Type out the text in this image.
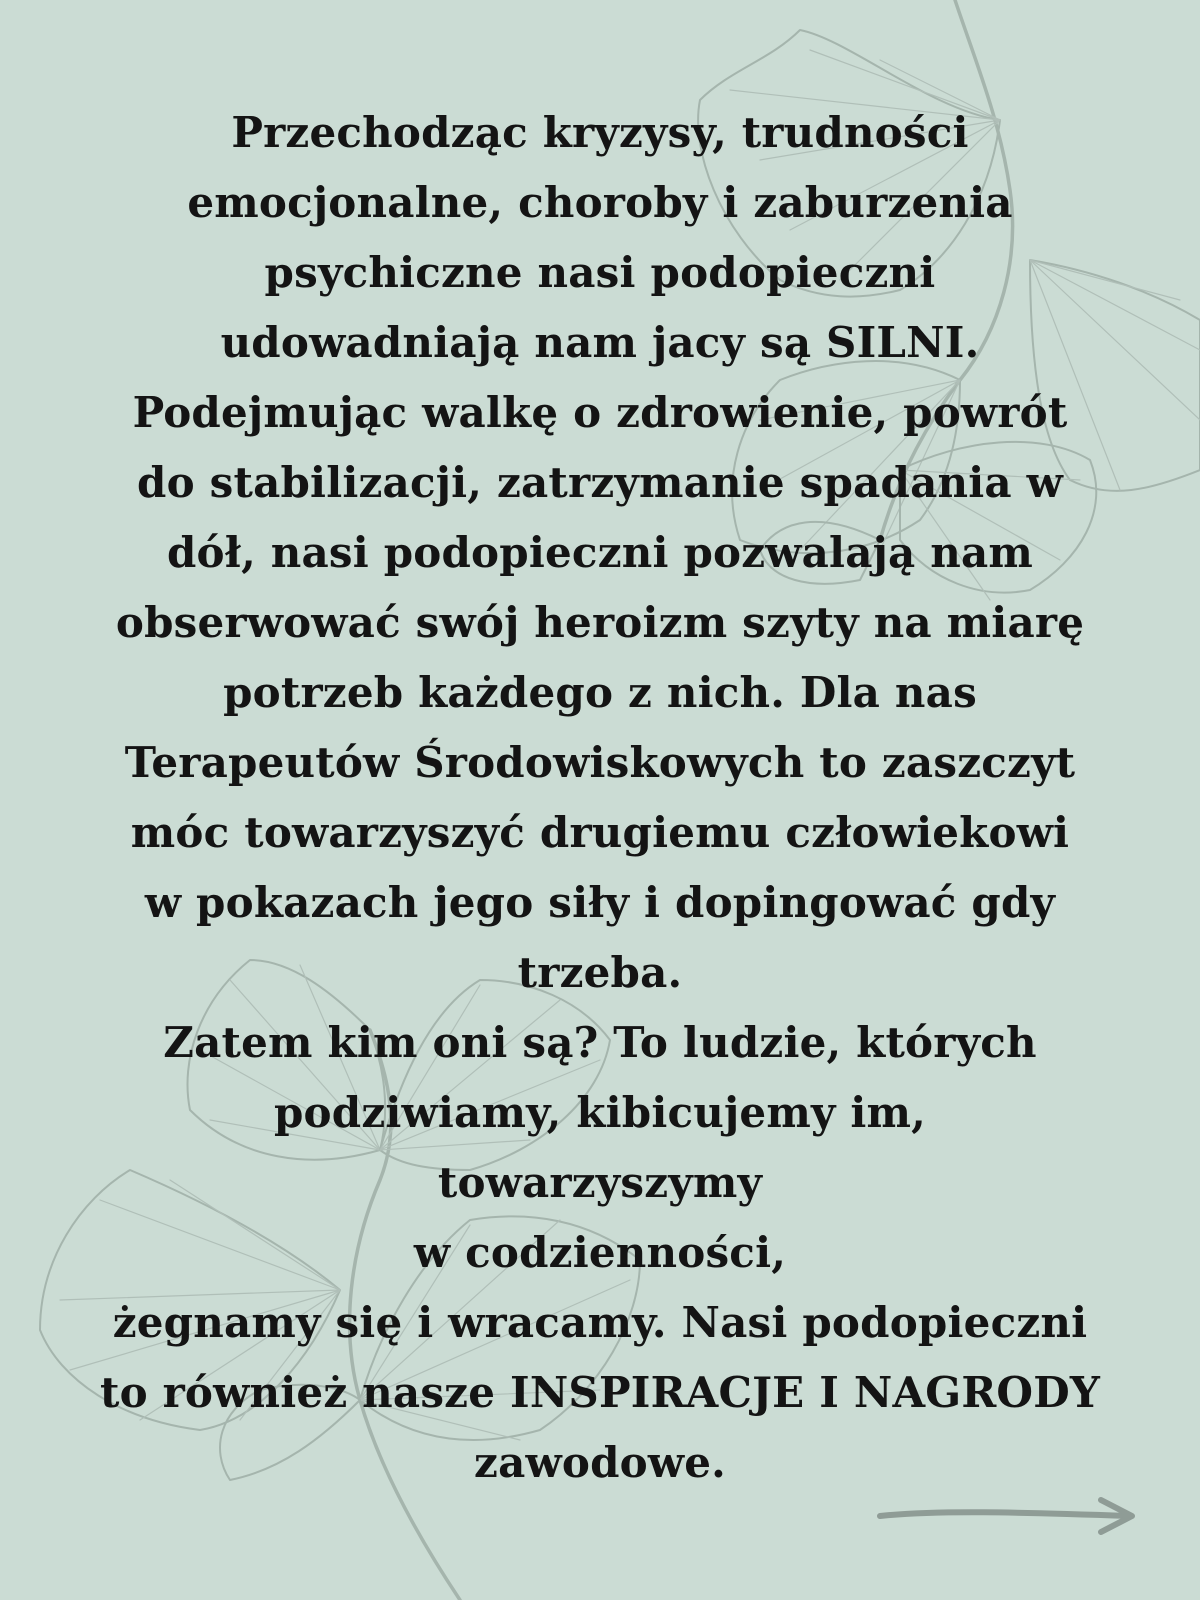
Przechodząc kryzysy, trudności
emocjonalne, choroby i zaburzenia
psychiczne nasi podopieczni
udowadniają nam jacy są SILNI.
Podejmując walkę o zdrowienie, powrót
do stabilizacji, zatrzymanie spadania w
dół, nasi podopieczni pozwalają nam
obserwować swój heroizm szyty na miarę
potrzeb każdego z nich. Dla nas
Terapeutów Środowiskowych to zaszczyt
móc towarzyszyć drugiemu człowiekowi
w pokazach jego siły i dopingować gdy
trzeba.
Zatem kim oni są? To ludzie, których
podziwiamy, kibicujemy im,
towarzyszymy
w codzienności,
żegnamy się i wracamy. Nasi podopieczni
to również nasze INSPIRACJE I NAGRODY
zawodowe.
